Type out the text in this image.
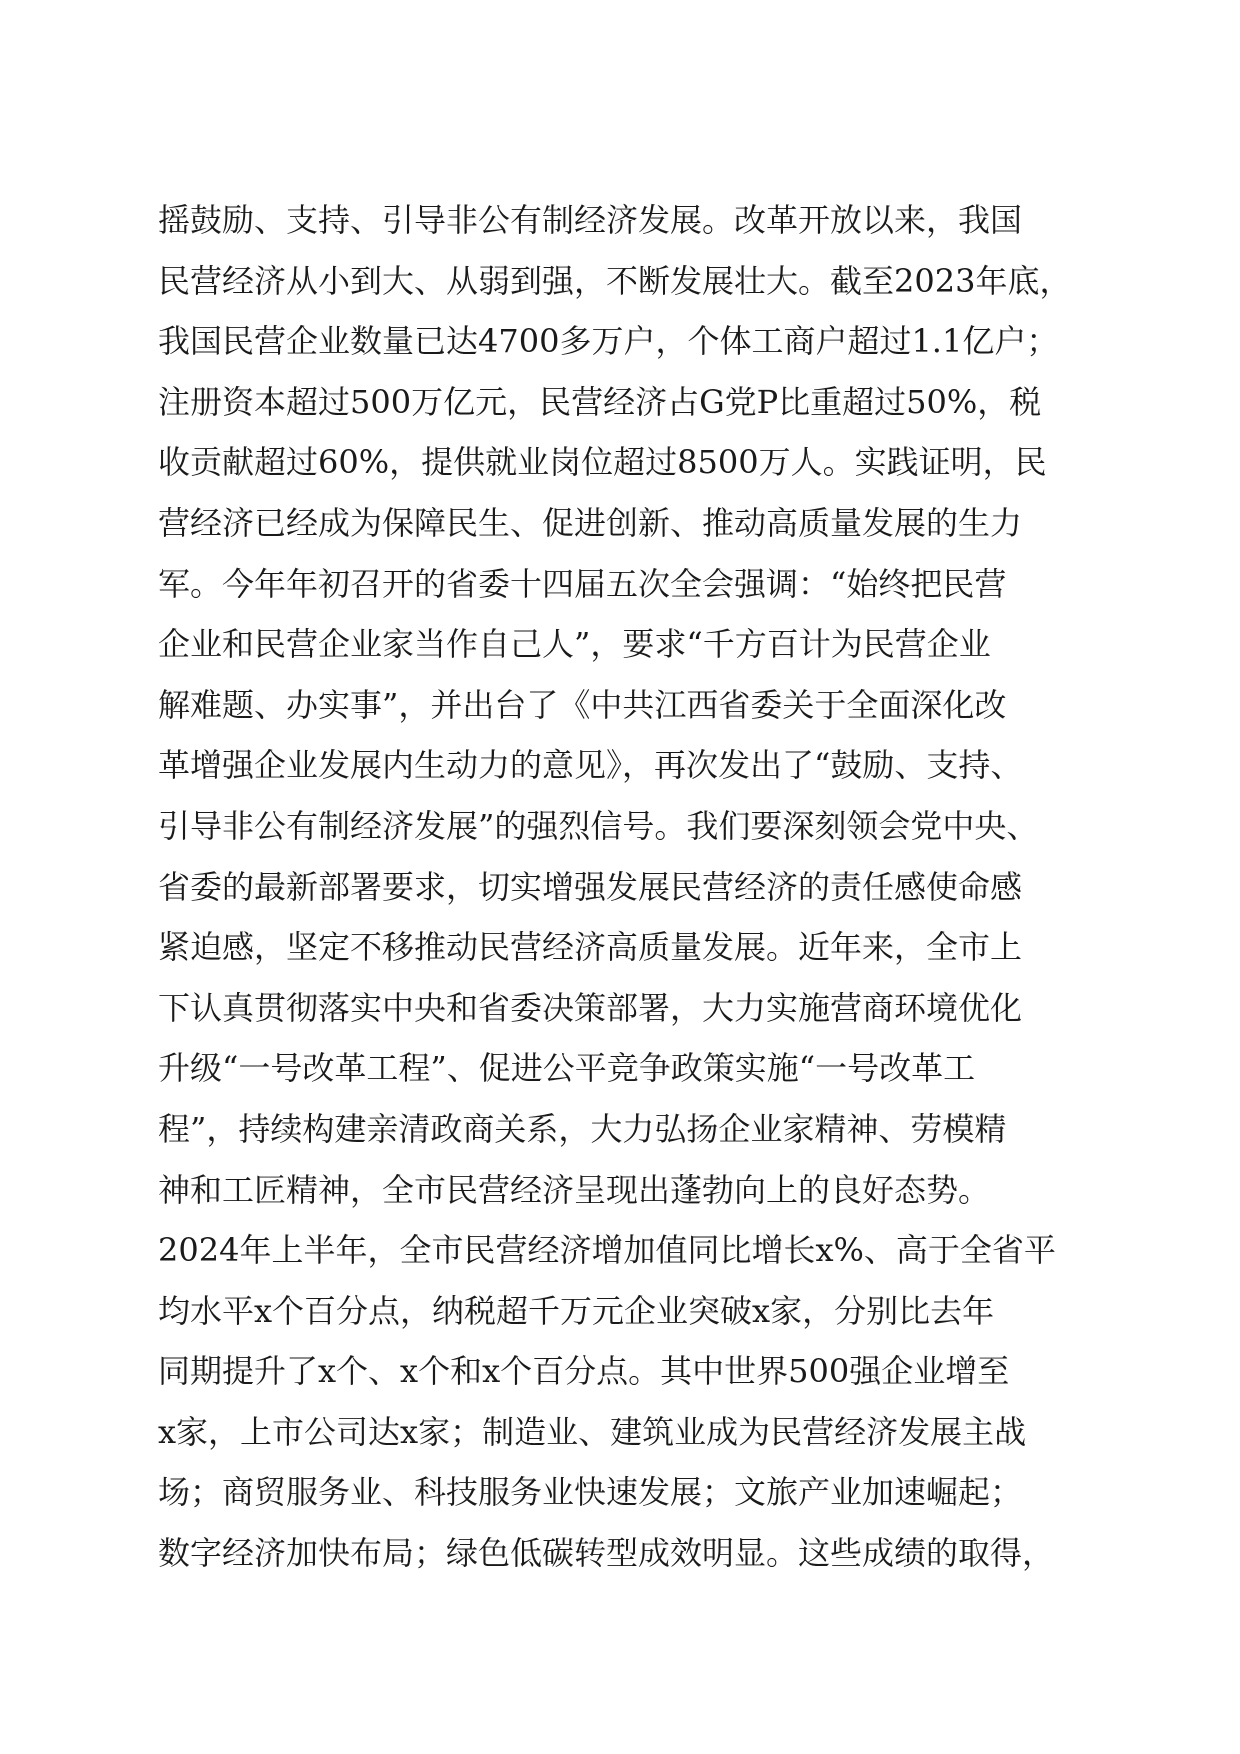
摇鼓励、支持、引导非公有制经济发展。改革开放以来，我国
民营经济从小到大、从弱到强，不断发展壮大。截至2023年底，
我国民营企业数量已达4700多万户，个体工商户超过1.1亿户；
注册资本超过500万亿元，民营经济占G党P比重超过50%，税
收贡献超过60%，提供就业岗位超过8500万人。实践证明，民
营经济已经成为保障民生、促进创新、推动高质量发展的生力
军。今年年初召开的省委十四届五次全会强调：“始终把民营
企业和民营企业家当作自己人”，要求“千方百计为民营企业
解难题、办实事”，并出台了《中共江西省委关于全面深化改
革增强企业发展内生动力的意见》，再次发出了“鼓励、支持、
引导非公有制经济发展”的强烈信号。我们要深刻领会党中央、
省委的最新部署要求，切实增强发展民营经济的责任感使命感
紧迫感，坚定不移推动民营经济高质量发展。近年来，全市上
下认真贯彻落实中央和省委决策部署，大力实施营商环境优化
升级“一号改革工程”、促进公平竞争政策实施“一号改革工
程”，持续构建亲清政商关系，大力弘扬企业家精神、劳模精
神和工匠精神，全市民营经济呈现出蓬勃向上的良好态势。
2024年上半年，全市民营经济增加值同比增长x%、高于全省平
均水平x个百分点，纳税超千万元企业突破x家，分别比去年
同期提升了x个、x个和x个百分点。其中世界500强企业增至
x家，上市公司达x家；制造业、建筑业成为民营经济发展主战
场；商贸服务业、科技服务业快速发展；文旅产业加速崛起；
数字经济加快布局；绿色低碳转型成效明显。这些成绩的取得，
